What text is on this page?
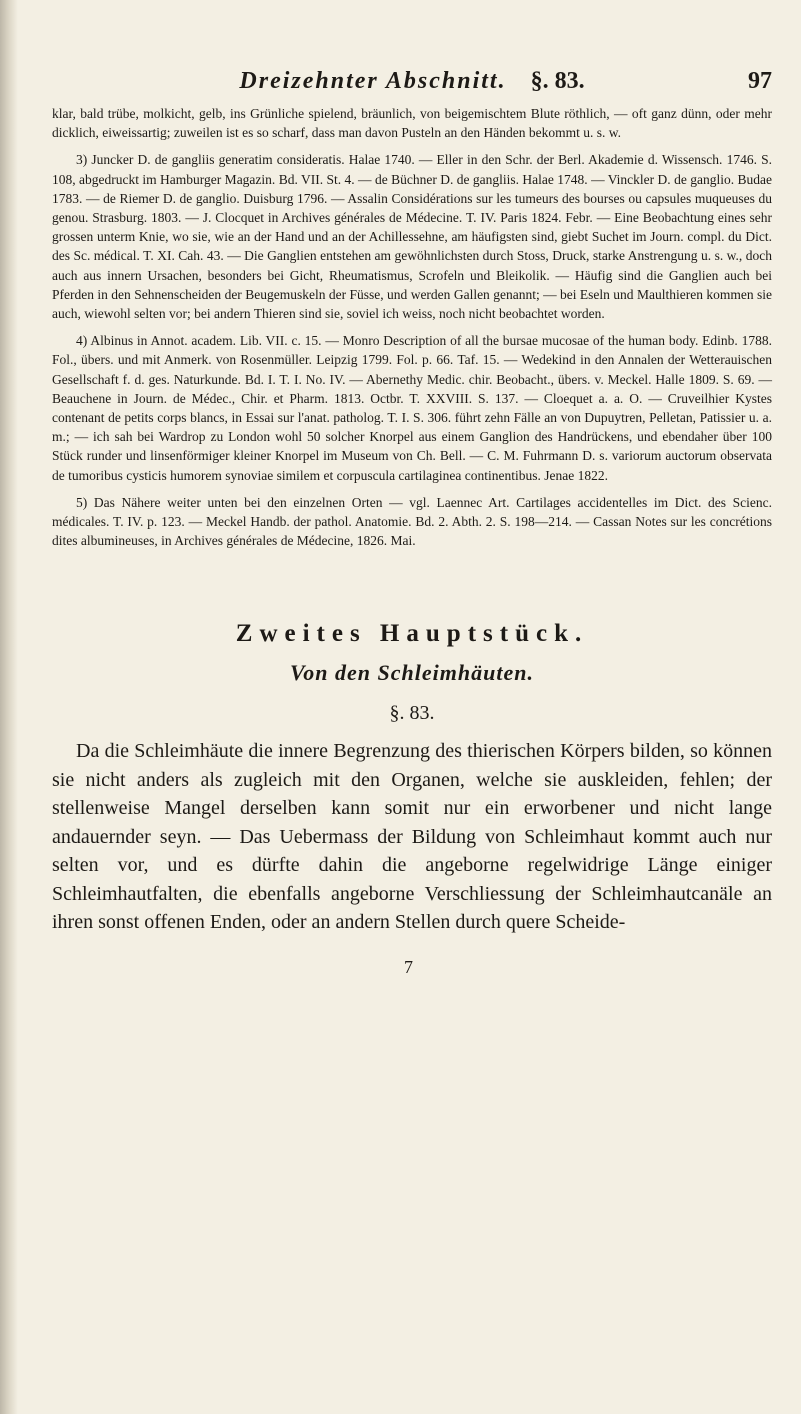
Dreizehnter Abschnitt. §. 83.	97

klar, bald trübe, molkicht, gelb, ins Grünliche spielend, bräunlich, von beigemischtem Blute röthlich, — oft ganz dünn, oder mehr dicklich, eiweissartig; zuweilen ist es so scharf, dass man davon Pusteln an den Händen bekommt u. s. w.

3) Juncker D. de gangliis generatim consideratis. Halae 1740. — Eller in den Schr. der Berl. Akademie d. Wissensch. 1746. S. 108, abgedruckt im Hamburger Magazin. Bd. VII. St. 4. — de Büchner D. de gangliis. Halae 1748. — Vinckler D. de ganglio. Budae 1783. — de Riemer D. de ganglio. Duisburg 1796. — Assalin Considérations sur les tumeurs des bourses ou capsules muqueuses du genou. Strasburg. 1803. — J. Clocquet in Archives générales de Médecine. T. IV. Paris 1824. Febr. — Eine Beobachtung eines sehr grossen unterm Knie, wo sie, wie an der Hand und an der Achillessehne, am häufigsten sind, giebt Suchet im Journ. compl. du Dict. des Sc. médical. T. XI. Cah. 43. — Die Ganglien entstehen am gewöhnlichsten durch Stoss, Druck, starke Anstrengung u. s. w., doch auch aus innern Ursachen, besonders bei Gicht, Rheumatismus, Scrofeln und Bleikolik. — Häufig sind die Ganglien auch bei Pferden in den Sehnenscheiden der Beugemuskeln der Füsse, und werden Gallen genannt; — bei Eseln und Maulthieren kommen sie auch, wiewohl selten vor; bei andern Thieren sind sie, soviel ich weiss, noch nicht beobachtet worden.

4) Albinus in Annot. academ. Lib. VII. c. 15. — Monro Description of all the bursae mucosae of the human body. Edinb. 1788. Fol., übers. und mit Anmerk. von Rosenmüller. Leipzig 1799. Fol. p. 66. Taf. 15. — Wedekind in den Annalen der Wetterauischen Gesellschaft f. d. ges. Naturkunde. Bd. I. T. I. No. IV. — Abernethy Medic. chir. Beobacht., übers. v. Meckel. Halle 1809. S. 69. — Beauchene in Journ. de Médec., Chir. et Pharm. 1813. Octbr. T. XXVIII. S. 137. — Cloequet a. a. O. — Cruveilhier Kystes contenant de petits corps blancs, in Essai sur l'anat. patholog. T. I. S. 306. führt zehn Fälle an von Dupuytren, Pelletan, Patissier u. a. m.; — ich sah bei Wardrop zu London wohl 50 solcher Knorpel aus einem Ganglion des Handrückens, und ebendaher über 100 Stück runder und linsenförmiger kleiner Knorpel im Museum von Ch. Bell. — C. M. Fuhrmann D. s. variorum auctorum observata de tumoribus cysticis humorem synoviae similem et corpuscula cartilaginea continentibus. Jenae 1822.

5) Das Nähere weiter unten bei den einzelnen Orten — vgl. Laennec Art. Cartilages accidentelles im Dict. des Scienc. médicales. T. IV. p. 123. — Meckel Handb. der pathol. Anatomie. Bd. 2. Abth. 2. S. 198—214. — Cassan Notes sur les concrétions dites albumineuses, in Archives générales de Médecine, 1826. Mai.

Zweites Hauptstück.
Von den Schleimhäuten.
§. 83.

Da die Schleimhäute die innere Begrenzung des thierischen Körpers bilden, so können sie nicht anders als zugleich mit den Organen, welche sie auskleiden, fehlen; der stellenweise Mangel derselben kann somit nur ein erworbener und nicht lange andauernder seyn. — Das Uebermass der Bildung von Schleimhaut kommt auch nur selten vor, und es dürfte dahin die angeborne regelwidrige Länge einiger Schleimhautfalten, die ebenfalls angeborne Verschliessung der Schleimhautcanäle an ihren sonst offenen Enden, oder an andern Stellen durch quere Scheide-

7
